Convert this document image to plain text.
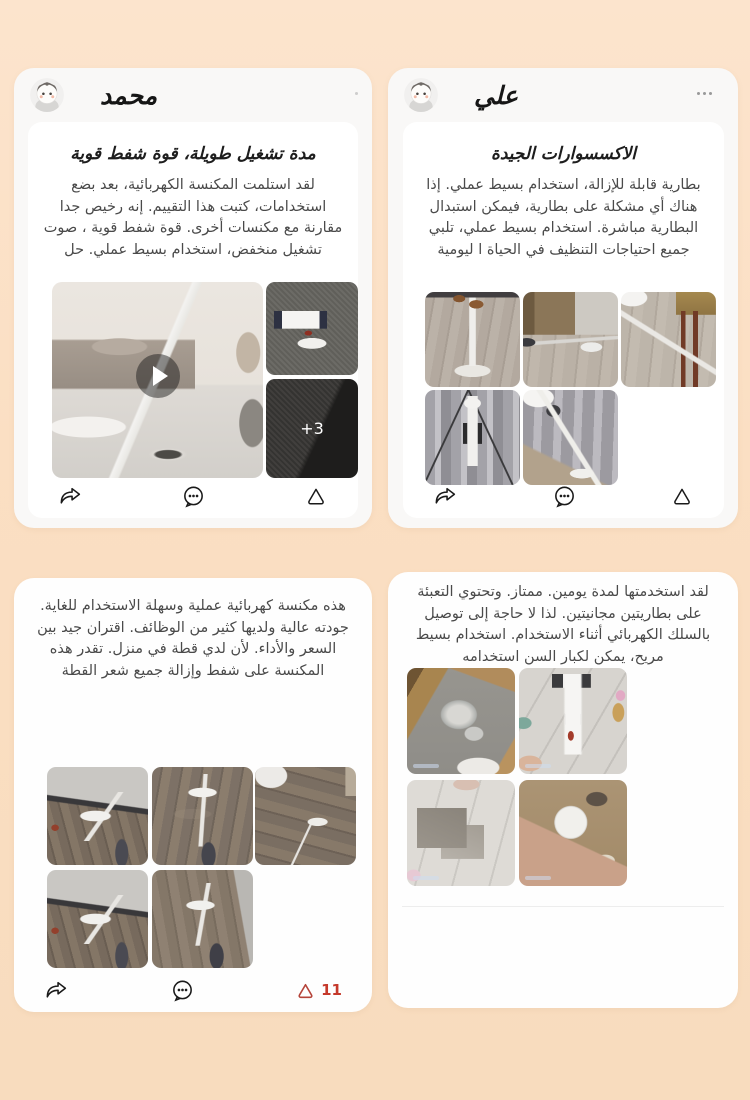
محمد
مدة تشغيل طويلة، قوة شفط قوية
لقد استلمت المكنسة الكهربائية، بعد بضع استخدامات، كتبت هذا التقييم. إنه رخيص جدا مقارنة مع مكنسات أخرى. قوة شفط قوية ، صوت تشغيل منخفض، استخدام بسيط عملي. حل
+3
علي
الاكسسوارات الجيدة
بطارية قابلة للإزالة، استخدام بسيط عملي. إذا هناك أي مشكلة على بطارية، فيمكن استبدال البطارية مباشرة. استخدام بسيط عملي، تلبي جميع احتياجات التنظيف في الحياة ا ليومية
هذه مكنسة كهربائية عملية وسهلة الاستخدام للغاية. جودته عالية ولديها كثير من الوظائف. اقتران جيد بين السعر والأداء. لأن لدي قطة في منزل. تقدر هذه المكنسة على شفط وإزالة جميع شعر القطة
11
لقد استخدمتها لمدة يومين. ممتاز. وتحتوي التعبئة على بطاريتين مجانيتين. لذا لا حاجة إلى توصيل بالسلك الكهربائي أثناء الاستخدام. استخدام بسيط مريح، يمكن لكبار السن استخدامه
